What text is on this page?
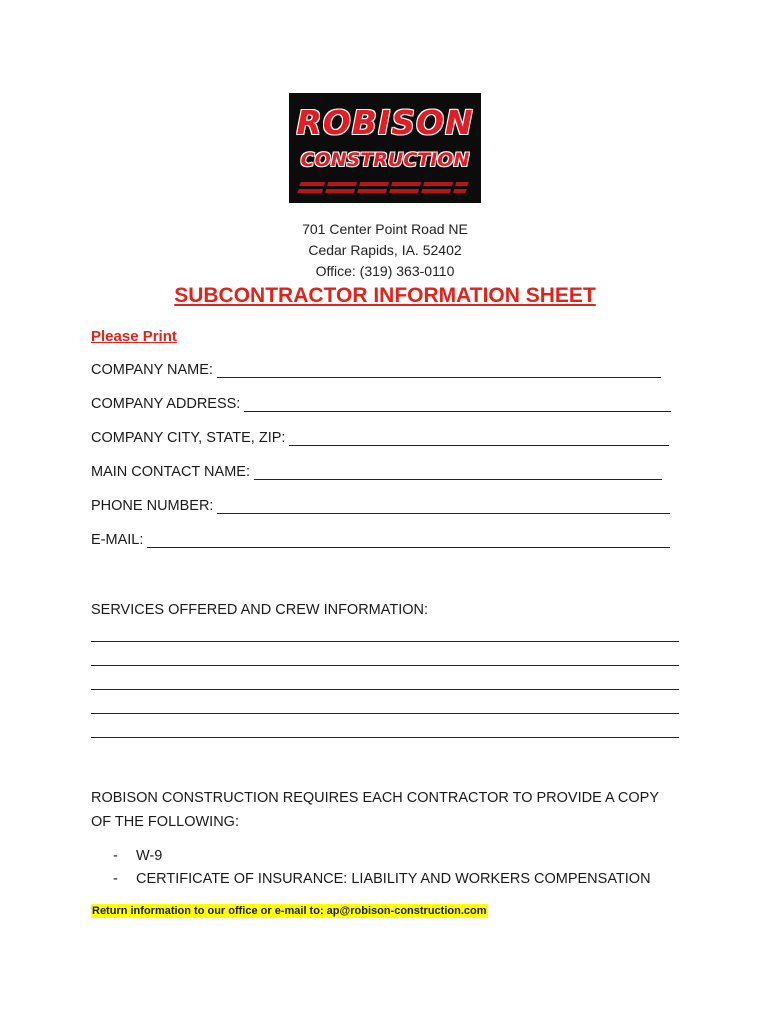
ROBISON
CONSTRUCTION
701 Center Point Road NE
Cedar Rapids, IA. 52402
Office: (319) 363-0110
SUBCONTRACTOR INFORMATION SHEET
Please Print
COMPANY NAME:
COMPANY ADDRESS:
COMPANY CITY, STATE, ZIP:
MAIN CONTACT NAME:
PHONE NUMBER:
E-MAIL:
SERVICES OFFERED AND CREW INFORMATION:
ROBISON CONSTRUCTION REQUIRES EACH CONTRACTOR TO PROVIDE A COPY OF THE FOLLOWING:
- W-9
- CERTIFICATE OF INSURANCE: LIABILITY AND WORKERS COMPENSATION
Return information to our office or e-mail to: ap@robison-construction.com
